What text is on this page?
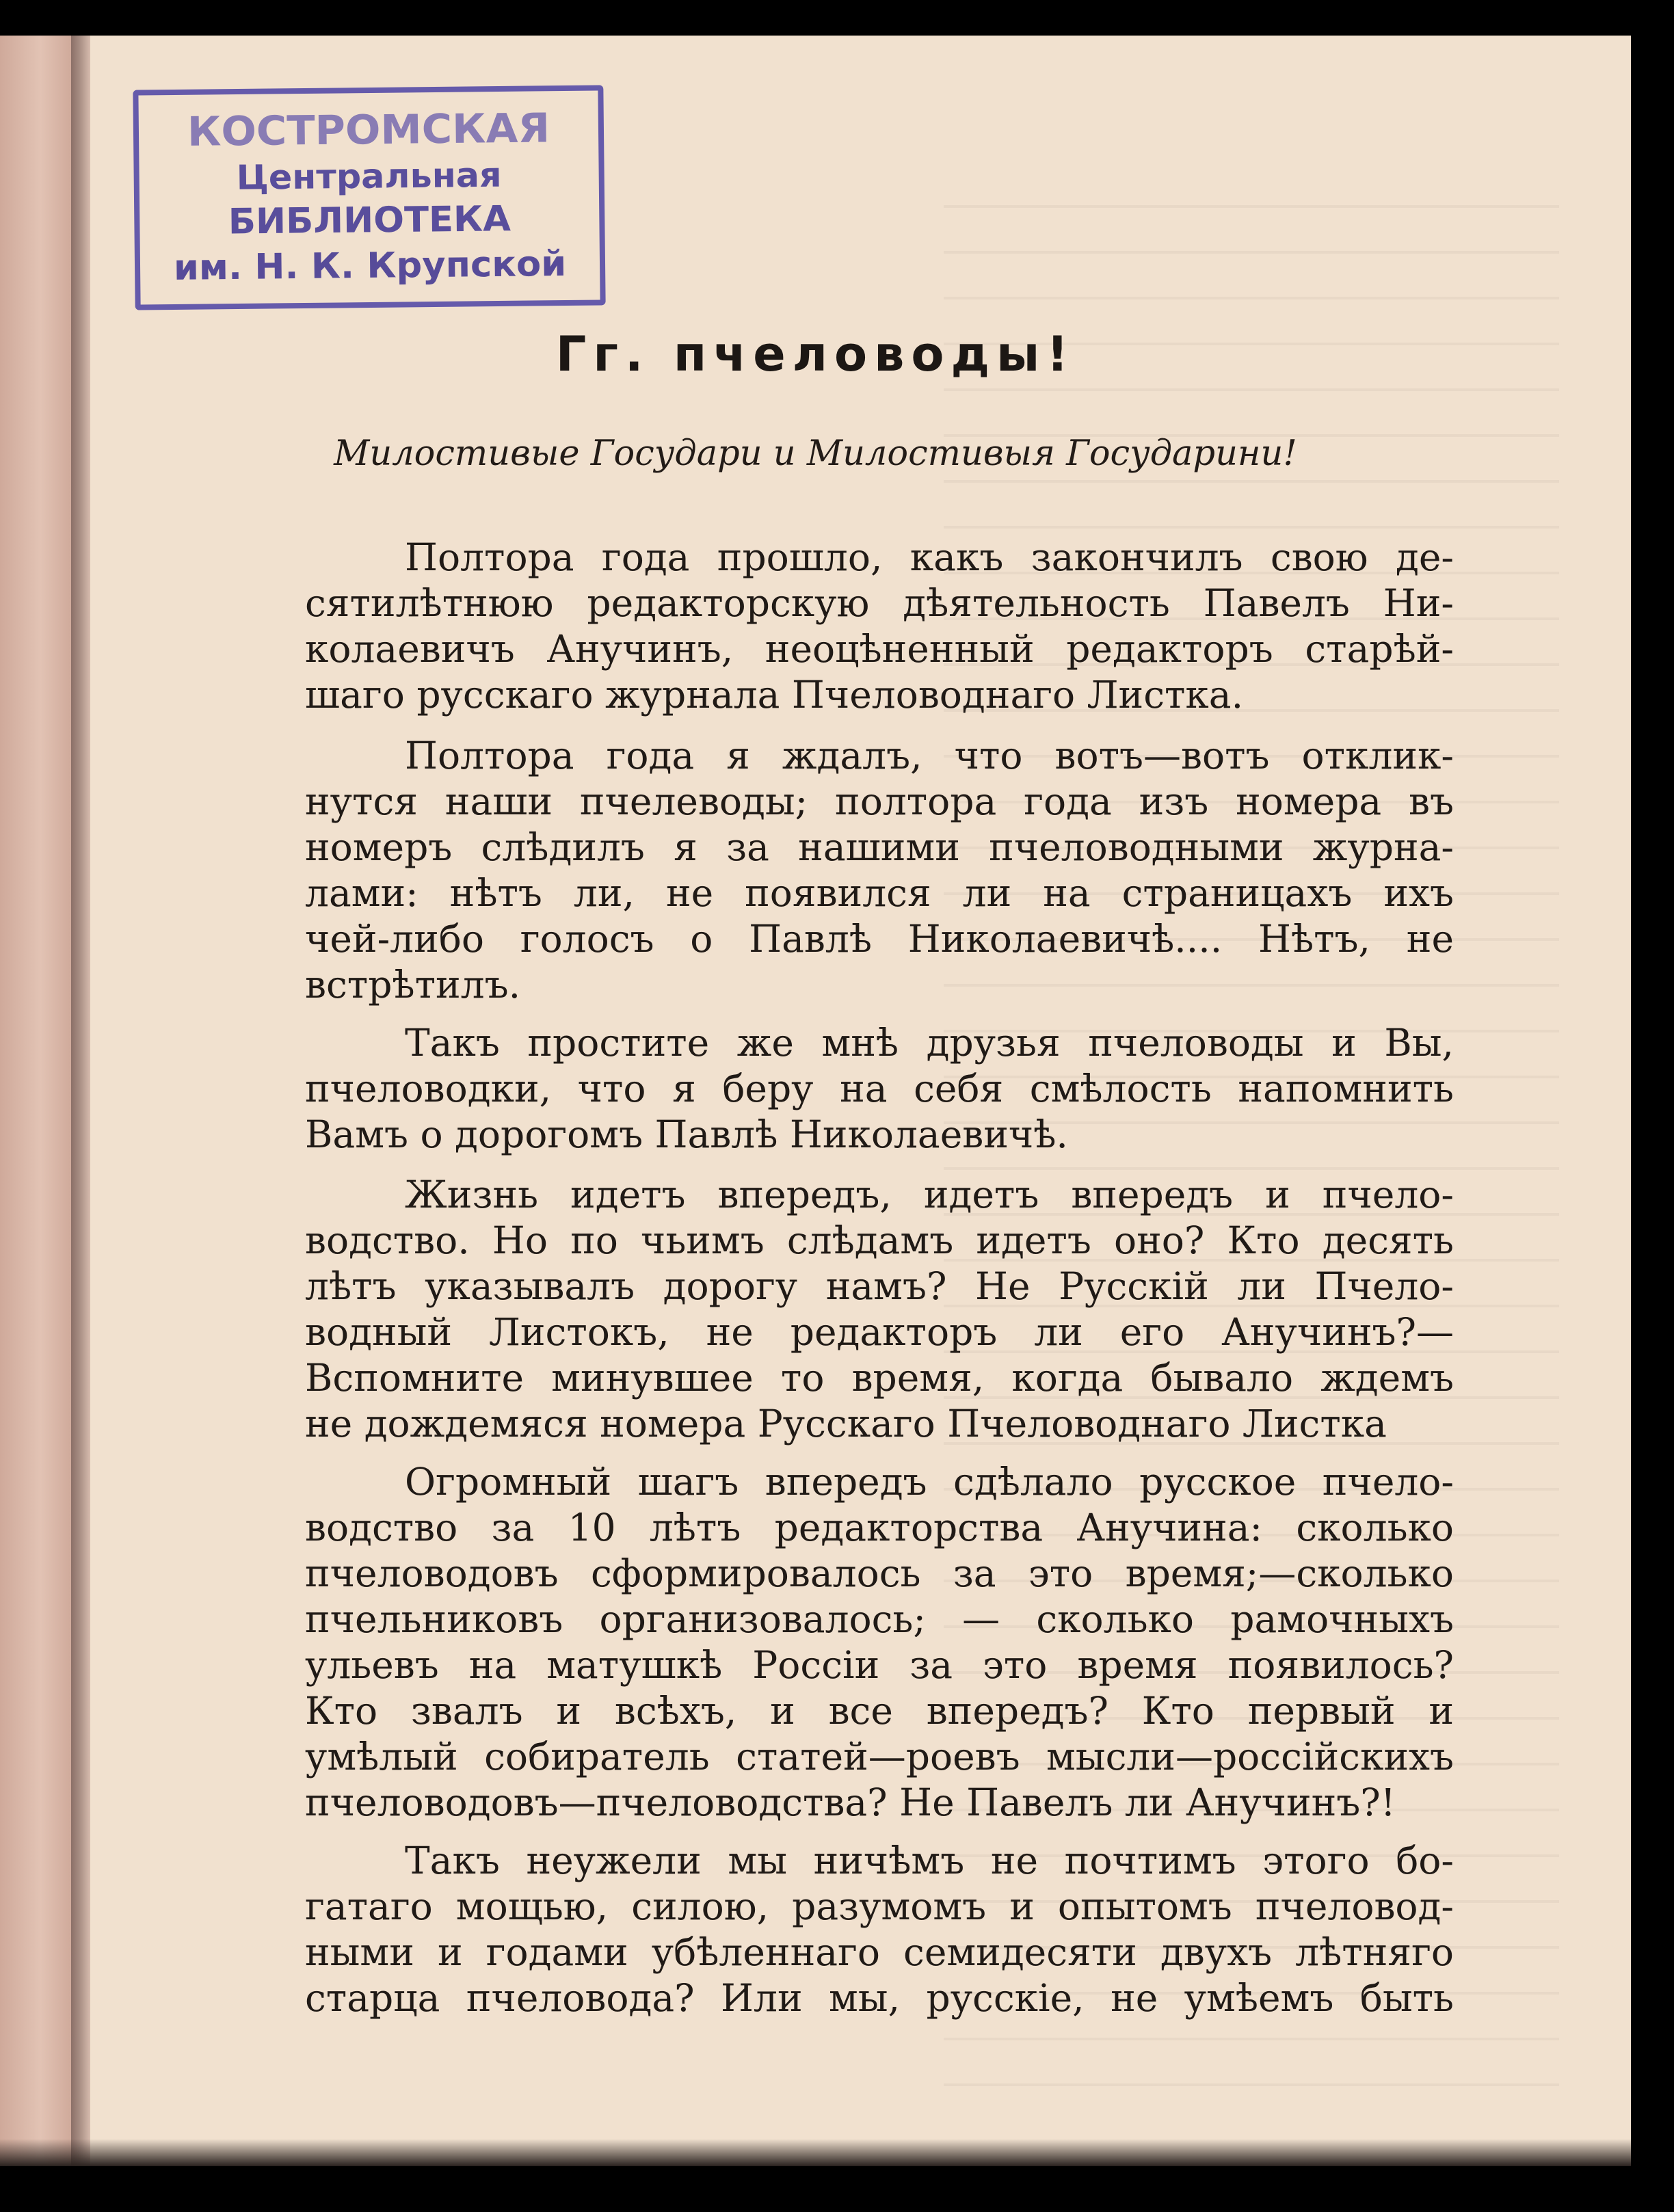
КОСТРОМСКАЯ
Центральная
БИБЛИОТЕКА
им. Н. К. Крупской
Гг. пчеловоды!

Милостивые Государи и Милостивыя Государини!

Полтора года прошло, какъ закончилъ свою де-
сятилѣтнюю редакторскую дѣятельность Павелъ Ни-
колаевичъ Анучинъ, неоцѣненный редакторъ старѣй-
шаго русскаго журнала Пчеловоднаго Листка.
Полтора года я ждалъ, что вотъ—вотъ отклик-
нутся наши пчелеводы; полтора года изъ номера въ
номеръ слѣдилъ я за нашими пчеловодными журна-
лами: нѣтъ ли, не появился ли на страницахъ ихъ
чей-либо голосъ о Павлѣ Николаевичѣ.... Нѣтъ, не
встрѣтилъ.
Такъ простите же мнѣ друзья пчеловоды и Вы,
пчеловодки, что я беру на себя смѣлость напомнить
Вамъ о дорогомъ Павлѣ Николаевичѣ.
Жизнь идетъ впередъ, идетъ впередъ и пчело-
водство. Но по чьимъ слѣдамъ идетъ оно? Кто десять
лѣтъ указывалъ дорогу намъ? Не Русскій ли Пчело-
водный Листокъ, не редакторъ ли его Анучинъ?—
Вспомните минувшее то время, когда бывало ждемъ
не дождемяся номера Русскаго Пчеловоднаго Листка
Огромный шагъ впередъ сдѣлало русское пчело-
водство за 10 лѣтъ редакторства Анучина: сколько
пчеловодовъ сформировалось за это время;—сколько
пчельниковъ организовалось; — сколько рамочныхъ
ульевъ на матушкѣ Россіи за это время появилось?
Кто звалъ и всѣхъ, и все впередъ? Кто первый и
умѣлый собиратель статей—роевъ мысли—россійскихъ
пчеловодовъ—пчеловодства? Не Павелъ ли Анучинъ?!
Такъ неужели мы ничѣмъ не почтимъ этого бо-
гатаго мощью, силою, разумомъ и опытомъ пчеловод-
ными и годами убѣленнаго семидесяти двухъ лѣтняго
старца пчеловода? Или мы, русскіе, не умѣемъ быть
